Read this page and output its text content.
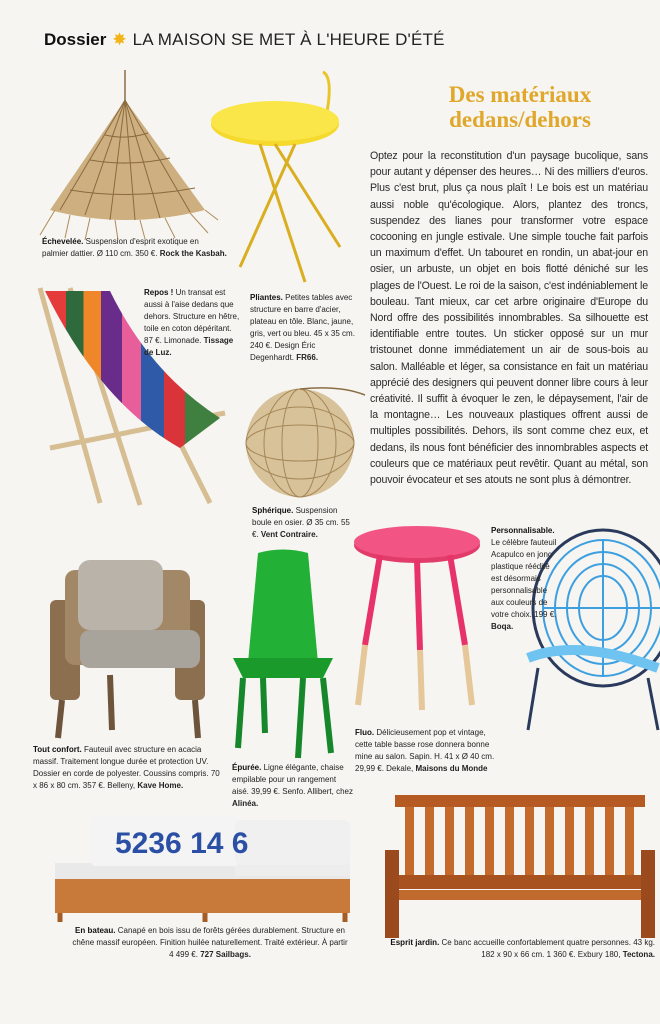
Dossier ✸ LA MAISON SE MET À L'HEURE D'ÉTÉ
Des matériaux
dedans/dehors
Optez pour la reconstitution d'un paysage bucolique, sans pour autant y dépenser des heures… Ni des milliers d'euros. Plus c'est brut, plus ça nous plaît ! Le bois est un matériau aussi noble qu'écologique. Alors, plantez des troncs, suspendez des lianes pour transformer votre espace cocooning en jungle estivale. Une simple touche fait parfois un maximum d'effet. Un tabouret en rondin, un abat-jour en osier, un arbuste, un objet en bois flotté déniché sur les plages de l'Ouest. Le roi de la saison, c'est indéniablement le bouleau. Tant mieux, car cet arbre originaire d'Europe du Nord offre des possibilités innombrables. Sa silhouette est identifiable entre toutes. Un sticker opposé sur un mur tristounet donne immédiatement un air de sous-bois au salon. Malléable et léger, sa consistance en fait un matériau apprécié des designers qui peuvent donner libre cours à leur créativité. Il suffit à évoquer le zen, le dépaysement, l'air de la montagne… Les nouveaux plastiques offrent aussi de multiples possibilités. Dehors, ils sont comme chez eux, et dedans, ils nous font bénéficier des innombrables aspects et couleurs que ce matériaux peut revêtir. Quant au métal, son pouvoir évocateur et ses atouts ne sont plus à démontrer.
5236 14 6
Échevelée. Suspension d'esprit exotique en palmier dattier. Ø 110 cm. 350 €. Rock the Kasbah.
Pliantes. Petites tables avec structure en barre d'acier, plateau en tôle. Blanc, jaune, gris, vert ou bleu. 45 x 35 cm. 240 €. Design Éric Degenhardt. FR66.
Repos ! Un transat est aussi à l'aise dedans que dehors. Structure en hêtre, toile en coton dépéritant. 87 €. Limonade. Tissage de Luz.
Sphérique. Suspension boule en osier. Ø 35 cm. 55 €. Vent Contraire.	Personnalisable. Le célèbre fauteuil Acapulco en jonc plastique réédité est désormais personnalisable aux couleurs de votre choix. 199 €. Boqa.
Tout confort. Fauteuil avec structure en acacia massif. Traitement longue durée et protection UV. Dossier en corde de polyester. Coussins compris. 70 x 86 x 80 cm. 357 €. Belleny, Kave Home.
Épurée. Ligne élégante, chaise empilable pour un rangement aisé. 39,99 €. Senfo. Allibert, chez Alinéa.
Fluo. Délicieusement pop et vintage, cette table basse rose donnera bonne mine au salon. Sapin. H. 41 x Ø 40 cm. 29,99 €. Dekale, Maisons du Monde
En bateau. Canapé en bois issu de forêts gérées durablement. Structure en chêne massif européen. Finition huilée naturellement. Traité extérieur. À partir 4 499 €. 727 Sailbags.
Esprit jardin. Ce banc accueille confortablement quatre personnes. 43 kg. 182 x 90 x 66 cm. 1 360 €. Exbury 180, Tectona.
